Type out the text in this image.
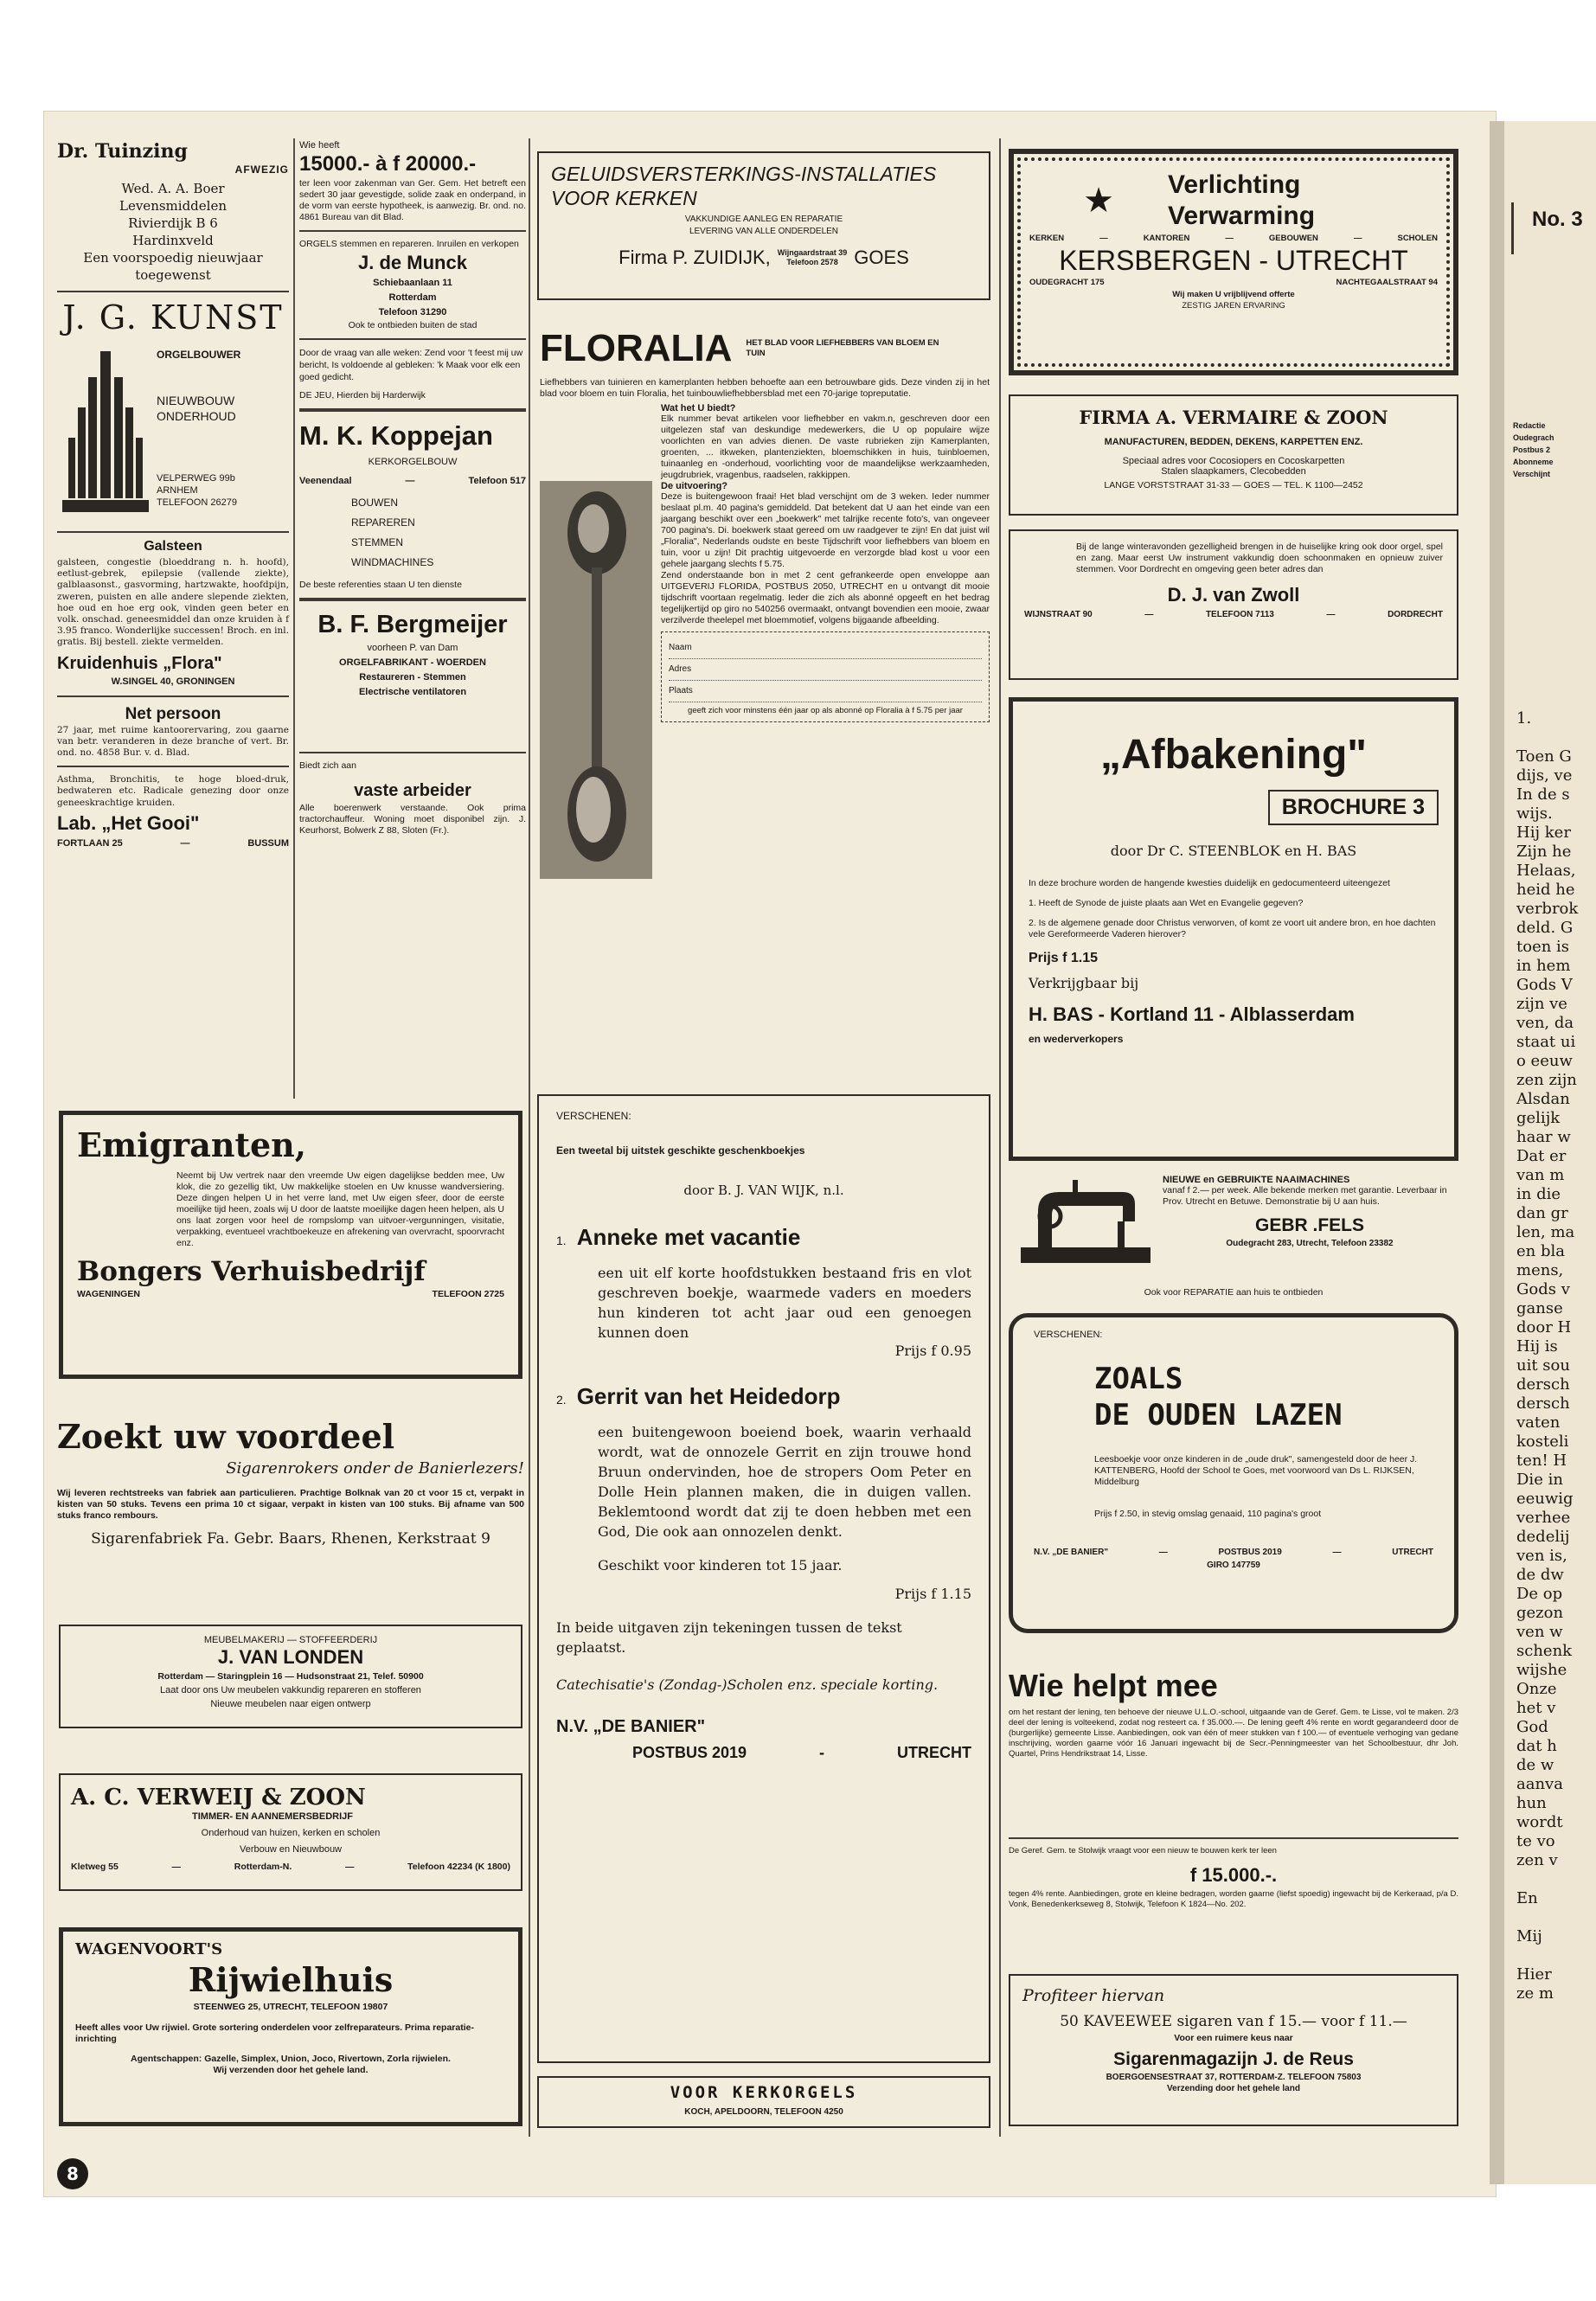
Dr. Tuinzing
AFWEZIG
Wed. A. A. Boer
Levensmiddelen
Rivierdijk B 6
Hardinxveld
Een voorspoedig nieuwjaar toegewenst
J. G. KUNST
ORGELBOUWER
NIEUWBOUW
ONDERHOUD
VELPERWEG 99b
ARNHEM
TELEFOON 26279
Galsteen
galsteen, congestie (bloeddrang n. h. hoofd), eetlust-gebrek, epilepsie (vallende ziekte), galblaasonst., gasvorming, hartzwakte, hoofdpijn, zweren, puisten en alle andere slepende ziekten, hoe oud en hoe erg ook, vinden geen beter en volk. onschad. geneesmiddel dan onze kruiden à f 3.95 franco. Wonderlijke successen! Broch. en inl. gratis. Bij bestell. ziekte vermelden.
Kruidenhuis „Flora"
W.SINGEL 40, GRONINGEN
Net persoon
27 jaar, met ruime kantoorervaring, zou gaarne van betr. veranderen in deze branche of vert. Br. ond. no. 4858 Bur. v. d. Blad.
Asthma, Bronchitis, te hoge bloed-druk, bedwateren etc. Radicale genezing door onze geneeskrachtige kruiden.
Lab. „Het Gooi"
FORTLAAN 25	—	BUSSUM
Wie heeft
15000.- à f 20000.-
ter leen voor zakenman van Ger. Gem. Het betreft een sedert 30 jaar gevestigde, solide zaak en onderpand, in de vorm van eerste hypotheek, is aanwezig. Br. ond. no. 4861 Bureau van dit Blad.
ORGELS stemmen en repareren. Inruilen en verkopen
J. de Munck
Schiebaanlaan 11
Rotterdam
Telefoon 31290
Ook te ontbieden buiten de stad
Door de vraag van alle weken: Zend voor 't feest mij uw bericht, Is voldoende al gebleken: 'k Maak voor elk een goed gedicht.
DE JEU, Hierden bij Harderwijk
M. K. Koppejan
KERKORGELBOUW
Veenendaal	—	Telefoon 517
BOUWEN
REPAREREN
STEMMEN
WINDMACHINES
De beste referenties staan U ten dienste
B. F. Bergmeijer
voorheen P. van Dam
ORGELFABRIKANT - WOERDEN
Restaureren - Stemmen
Electrische ventilatoren
Biedt zich aan
vaste arbeider
Alle boerenwerk verstaande. Ook prima tractorchauffeur. Woning moet disponibel zijn. J. Keurhorst, Bolwerk Z 88, Sloten (Fr.).
Emigranten,
Neemt bij Uw vertrek naar den vreemde Uw eigen dagelijkse bedden mee, Uw klok, die zo gezellig tikt, Uw makkelijke stoelen en Uw knusse wandversiering. Deze dingen helpen U in het verre land, met Uw eigen sfeer, door de eerste moeilijke tijd heen, zoals wij U door de laatste moeilijke dagen heen helpen, als U ons laat zorgen voor heel de rompslomp van uitvoer-vergunningen, visitatie, verpakking, eventueel vrachtboekeuze en afrekening van overvracht, spoorvracht enz.
Bongers Verhuisbedrijf
WAGENINGEN	TELEFOON 2725
Zoekt uw voordeel
Sigarenrokers onder de Banierlezers!
Wij leveren rechtstreeks van fabriek aan particulieren. Prachtige Bolknak van 20 ct voor 15 ct, verpakt in kisten van 50 stuks. Tevens een prima 10 ct sigaar, verpakt in kisten van 100 stuks. Bij afname van 500 stuks franco rembours.
Sigarenfabriek Fa. Gebr. Baars, Rhenen, Kerkstraat 9
MEUBELMAKERIJ — STOFFEERDERIJ
J. VAN LONDEN
Rotterdam — Staringplein 16 — Hudsonstraat 21, Telef. 50900
Laat door ons Uw meubelen vakkundig repareren en stofferen
Nieuwe meubelen naar eigen ontwerp
A. C. VERWEIJ & ZOON
TIMMER- EN AANNEMERSBEDRIJF
Onderhoud van huizen, kerken en scholen
Verbouw en Nieuwbouw
Kletweg 55	—	Rotterdam-N.	—	Telefoon 42234 (K 1800)
WAGENVOORT'S
Rijwielhuis
STEENWEG 25, UTRECHT, TELEFOON 19807
Heeft alles voor Uw rijwiel. Grote sortering onderdelen voor zelfreparateurs. Prima reparatie-inrichting
Agentschappen: Gazelle, Simplex, Union, Joco, Rivertown, Zorla rijwielen.
Wij verzenden door het gehele land.
GELUIDSVERSTERKINGS-INSTALLATIES VOOR KERKEN
VAKKUNDIGE AANLEG EN REPARATIE
LEVERING VAN ALLE ONDERDELEN
Firma P. ZUIDIJK, Wijngaardstraat 39
Telefoon 2578 GOES
FLORALIA HET BLAD VOOR LIEFHEBBERS VAN BLOEM EN TUIN
Liefhebbers van tuinieren en kamerplanten hebben behoefte aan een betrouwbare gids. Deze vinden zij in het blad voor bloem en tuin Floralia, het tuinbouwliefhebbersblad met een 70-jarige topreputatie.
Wat het U biedt?
Elk nummer bevat artikelen voor liefhebber en vakm.n, geschreven door een uitgelezen staf van deskundige medewerkers, die U op populaire wijze voorlichten en van advies dienen. De vaste rubrieken zijn Kamerplanten, groenten, ... itkweken, plantenziekten, bloemschikken in huis, tuinbloemen, tuinaanleg en -onderhoud, voorlichting voor de maandelijkse werkzaamheden, jeugdrubriek, vragenbus, raadselen, rakkippen.
De uitvoering?
Deze is buitengewoon fraai! Het blad verschijnt om de 3 weken. Ieder nummer beslaat pl.m. 40 pagina's gemiddeld. Dat betekent dat U aan het einde van een jaargang beschikt over een „boekwerk" met talrijke recente foto's, van ongeveer 700 pagina's. Di. boekwerk staat gereed om uw raadgever te zijn! En dat juist wil „Floralia", Nederlands oudste en beste Tijdschrift voor liefhebbers van bloem en tuin, voor u zijn! Dit prachtig uitgevoerde en verzorgde blad kost u voor een gehele jaargang slechts f 5.75.
Zend onderstaande bon in met 2 cent gefrankeerde open enveloppe aan UITGEVERIJ FLORIDA, POSTBUS 2050, UTRECHT en u ontvangt dit mooie tijdschrift voortaan regelmatig. Ieder die zich als abonné opgeeft en het bedrag tegelijkertijd op giro no 540256 overmaakt, ontvangt bovendien een mooie, zwaar verzilverde theelepel met bloemmotief, volgens bijgaande afbeelding.
Naam
Adres
Plaats
geeft zich voor minstens één jaar op als abonné op Floralia à f 5.75 per jaar
VERSCHENEN:
Een tweetal bij uitstek geschikte geschenkboekjes
door B. J. VAN WIJK, n.l.
1. Anneke met vacantie
een uit elf korte hoofdstukken bestaand fris en vlot geschreven boekje, waarmede vaders en moeders hun kinderen tot acht jaar oud een genoegen kunnen doen
Prijs f 0.95
2. Gerrit van het Heidedorp
een buitengewoon boeiend boek, waarin verhaald wordt, wat de onnozele Gerrit en zijn trouwe hond Bruun ondervinden, hoe de stropers Oom Peter en Dolle Hein plannen maken, die in duigen vallen. Beklemtoond wordt dat zij te doen hebben met een God, Die ook aan onnozelen denkt.
Geschikt voor kinderen tot 15 jaar.
Prijs f 1.15
In beide uitgaven zijn tekeningen tussen de tekst geplaatst.
Catechisatie's (Zondag-)Scholen enz. speciale korting.
N.V. „DE BANIER"
POSTBUS 2019	-	UTRECHT
VOOR KERKORGELS
KOCH, APELDOORN, TELEFOON 4250
★	Verlichting
Verwarming
KERKEN	—	KANTOREN	—	GEBOUWEN	—	SCHOLEN
KERSBERGEN - UTRECHT
OUDEGRACHT 175	NACHTEGAALSTRAAT 94
Wij maken U vrijblijvend offerte
ZESTIG JAREN ERVARING
FIRMA A. VERMAIRE & ZOON
MANUFACTUREN, BEDDEN, DEKENS, KARPETTEN ENZ.
Speciaal adres voor Cocosiopers en Cocoskarpetten
Stalen slaapkamers, Clecobedden
LANGE VORSTSTRAAT 31-33 — GOES — TEL. K 1100—2452
Bij de lange winteravonden gezelligheid brengen in de huiselijke kring ook door orgel, spel en zang. Maar eerst Uw instrument vakkundig doen schoonmaken en opnieuw zuiver stemmen. Voor Dordrecht en omgeving geen beter adres dan
D. J. van Zwoll
WIJNSTRAAT 90	—	TELEFOON 7113	—	DORDRECHT
„Afbakening"
BROCHURE 3
door Dr C. STEENBLOK en H. BAS
In deze brochure worden de hangende kwesties duidelijk en gedocumenteerd uiteengezet
1. Heeft de Synode de juiste plaats aan Wet en Evangelie gegeven?
2. Is de algemene genade door Christus verworven, of komt ze voort uit andere bron, en hoe dachten vele Gereformeerde Vaderen hierover?
Prijs f 1.15
Verkrijgbaar bij
H. BAS - Kortland 11 - Alblasserdam
en wederverkopers
NIEUWE en GEBRUIKTE NAAIMACHINES
vanaf f 2.— per week. Alle bekende merken met garantie. Leverbaar in Prov. Utrecht en Betuwe. Demonstratie bij U aan huis.
GEBR .FELS
Oudegracht 283, Utrecht, Telefoon 23382
Ook voor REPARATIE aan huis te ontbieden
VERSCHENEN:
ZOALS
DE OUDEN LAZEN
Leesboekje voor onze kinderen in de „oude druk", samengesteld door de heer J. KATTENBERG, Hoofd der School te Goes, met voorwoord van Ds L. RIJKSEN, Middelburg
Prijs f 2.50, in stevig omslag genaaid, 110 pagina's groot
N.V. „DE BANIER"	—	POSTBUS 2019	—	UTRECHT
GIRO 147759
Wie helpt mee
om het restant der lening, ten behoeve der nieuwe U.L.O.-school, uitgaande van de Geref. Gem. te Lisse, vol te maken. 2/3 deel der lening is volteekend, zodat nog resteert ca. f 35.000.—. De lening geeft 4% rente en wordt gegarandeerd door de (burgerlijke) gemeente Lisse. Aanbiedingen, ook van één of meer stukken van f 100.— of eventuele verhoging van gedane inschrijving, worden gaarne vóór 16 Januari ingewacht bij de Secr.-Penningmeester van het Schoolbestuur, dhr Joh. Quartel, Prins Hendrikstraat 14, Lisse.
De Geref. Gem. te Stolwijk vraagt voor een nieuw te bouwen kerk ter leen
f 15.000.-.
tegen 4% rente. Aanbiedingen, grote en kleine bedragen, worden gaarne (liefst spoedig) ingewacht bij de Kerkeraad, p/a D. Vonk, Benedenkerkseweg 8, Stolwijk, Telefoon K 1824—No. 202.
Profiteer hiervan
50 KAVEEWEE sigaren van f 15.— voor f 11.—
Voor een ruimere keus naar
Sigarenmagazijn J. de Reus
BOERGOENSESTRAAT 37, ROTTERDAM-Z. TELEFOON 75803
Verzending door het gehele land
8
No. 3
Redactie
Oudegrach
Postbus 2
Abonneme
Verschijnt

1.

Toen G

dijs, ve

In de s

wijs.

Hij ker

Zijn he

Helaas,

heid he

verbrok

deld. G

toen is

in hem

Gods V

zijn ve

ven, da

staat ui

o eeuw

zen zijn

Alsdan

gelijk

haar w

Dat er

van m

in die

dan gr

len, ma

en bla

mens,

Gods v

ganse

door H

Hij is

uit sou

dersch

dersch

vaten

kosteli

ten! H

Die in

eeuwig

verhee

dedelij

ven is,

de dw

De op

gezon

ven w

schenk

wijshe

Onze

het v

God

dat h

de w

aanva

hun

wordt

te vo

zen v

En

Mij

Hier

ze m
